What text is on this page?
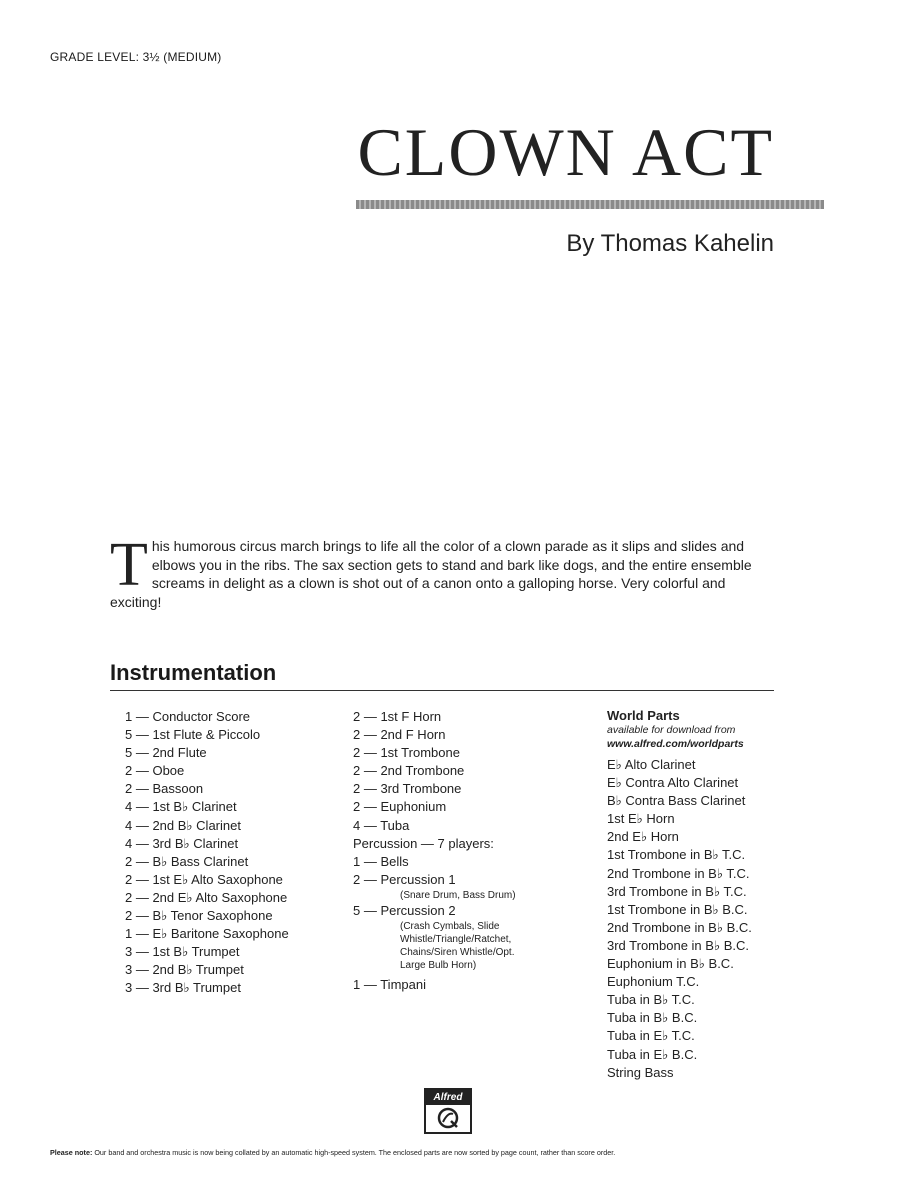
GRADE LEVEL: 3½ (MEDIUM)
CLOWN ACT
By Thomas Kahelin
This humorous circus march brings to life all the color of a clown parade as it slips and slides and elbows you in the ribs. The sax section gets to stand and bark like dogs, and the entire ensemble screams in delight as a clown is shot out of a canon onto a galloping horse. Very colorful and exciting!
Instrumentation
1 — Conductor Score
5 — 1st Flute & Piccolo
5 — 2nd Flute
2 — Oboe
2 — Bassoon
4 — 1st B♭ Clarinet
4 — 2nd B♭ Clarinet
4 — 3rd B♭ Clarinet
2 — B♭ Bass Clarinet
2 — 1st E♭ Alto Saxophone
2 — 2nd E♭ Alto Saxophone
2 — B♭ Tenor Saxophone
1 — E♭ Baritone Saxophone
3 — 1st B♭ Trumpet
3 — 2nd B♭ Trumpet
3 — 3rd B♭ Trumpet
2 — 1st F Horn
2 — 2nd F Horn
2 — 1st Trombone
2 — 2nd Trombone
2 — 3rd Trombone
2 — Euphonium
4 — Tuba
Percussion — 7 players:
1 — Bells
2 — Percussion 1
(Snare Drum, Bass Drum)
5 — Percussion 2
(Crash Cymbals, Slide
Whistle/Triangle/Ratchet,
Chains/Siren Whistle/Opt.
Large Bulb Horn)
1 — Timpani
World Parts
available for download from
www.alfred.com/worldparts
E♭ Alto Clarinet
E♭ Contra Alto Clarinet
B♭ Contra Bass Clarinet
1st E♭ Horn
2nd E♭ Horn
1st Trombone in B♭ T.C.
2nd Trombone in B♭ T.C.
3rd Trombone in B♭ T.C.
1st Trombone in B♭ B.C.
2nd Trombone in B♭ B.C.
3rd Trombone in B♭ B.C.
Euphonium in B♭ B.C.
Euphonium T.C.
Tuba in B♭ T.C.
Tuba in B♭ B.C.
Tuba in E♭ T.C.
Tuba in E♭ B.C.
String Bass
Alfred
Please note: Our band and orchestra music is now being collated by an automatic high-speed system. The enclosed parts are now sorted by page count, rather than score order.
